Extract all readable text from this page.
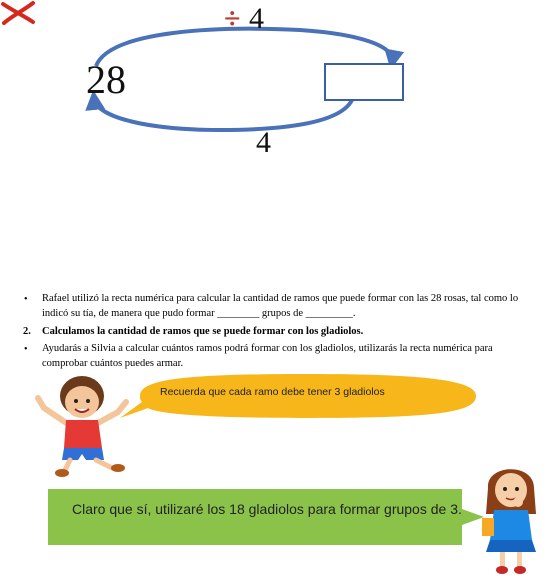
÷ 4
28
4
• Rafael utilizó la recta numérica para calcular la cantidad de ramos que puede formar con las 28 rosas, tal como lo
indicó su tía, de manera que pudo formar ________ grupos de _________.
2. Calculamos la cantidad de ramos que se puede formar con los gladiolos.
• Ayudarás a Silvia a calcular cuántos ramos podrá formar con los gladiolos, utilizarás la recta numérica para
comprobar cuántos puedes armar.
Recuerda que cada ramo debe tener 3 gladiolos
Claro que sí, utilizaré los 18 gladiolos para formar grupos de 3.
